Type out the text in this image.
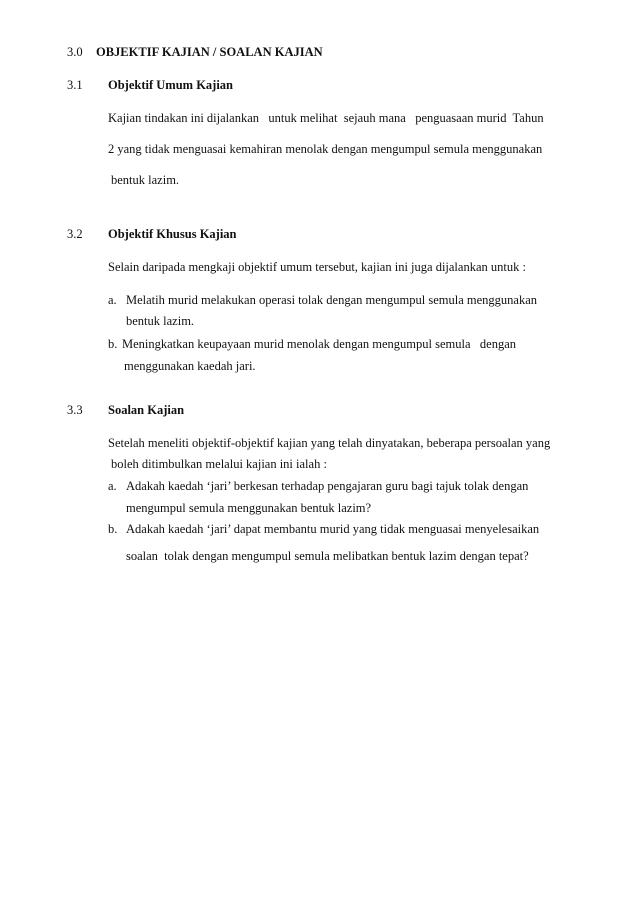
3.0 OBJEKTIF KAJIAN / SOALAN KAJIAN
3.1 Objektif Umum Kajian
Kajian tindakan ini dijalankan   untuk melihat  sejauh mana   penguasaan murid  Tahun
2 yang tidak menguasai kemahiran menolak dengan mengumpul semula menggunakan
bentuk lazim.
3.2 Objektif Khusus Kajian
Selain daripada mengkaji objektif umum tersebut, kajian ini juga dijalankan untuk :
a. Melatih murid melakukan operasi tolak dengan mengumpul semula menggunakan
bentuk lazim.
b. Meningkatkan keupayaan murid menolak dengan mengumpul semula   dengan
menggunakan kaedah jari.
3.3 Soalan Kajian
Setelah meneliti objektif-objektif kajian yang telah dinyatakan, beberapa persoalan yang
boleh ditimbulkan melalui kajian ini ialah :
a. Adakah kaedah ‘jari’ berkesan terhadap pengajaran guru bagi tajuk tolak dengan
mengumpul semula menggunakan bentuk lazim?
b. Adakah kaedah ‘jari’ dapat membantu murid yang tidak menguasai menyelesaikan
soalan  tolak dengan mengumpul semula melibatkan bentuk lazim dengan tepat?
